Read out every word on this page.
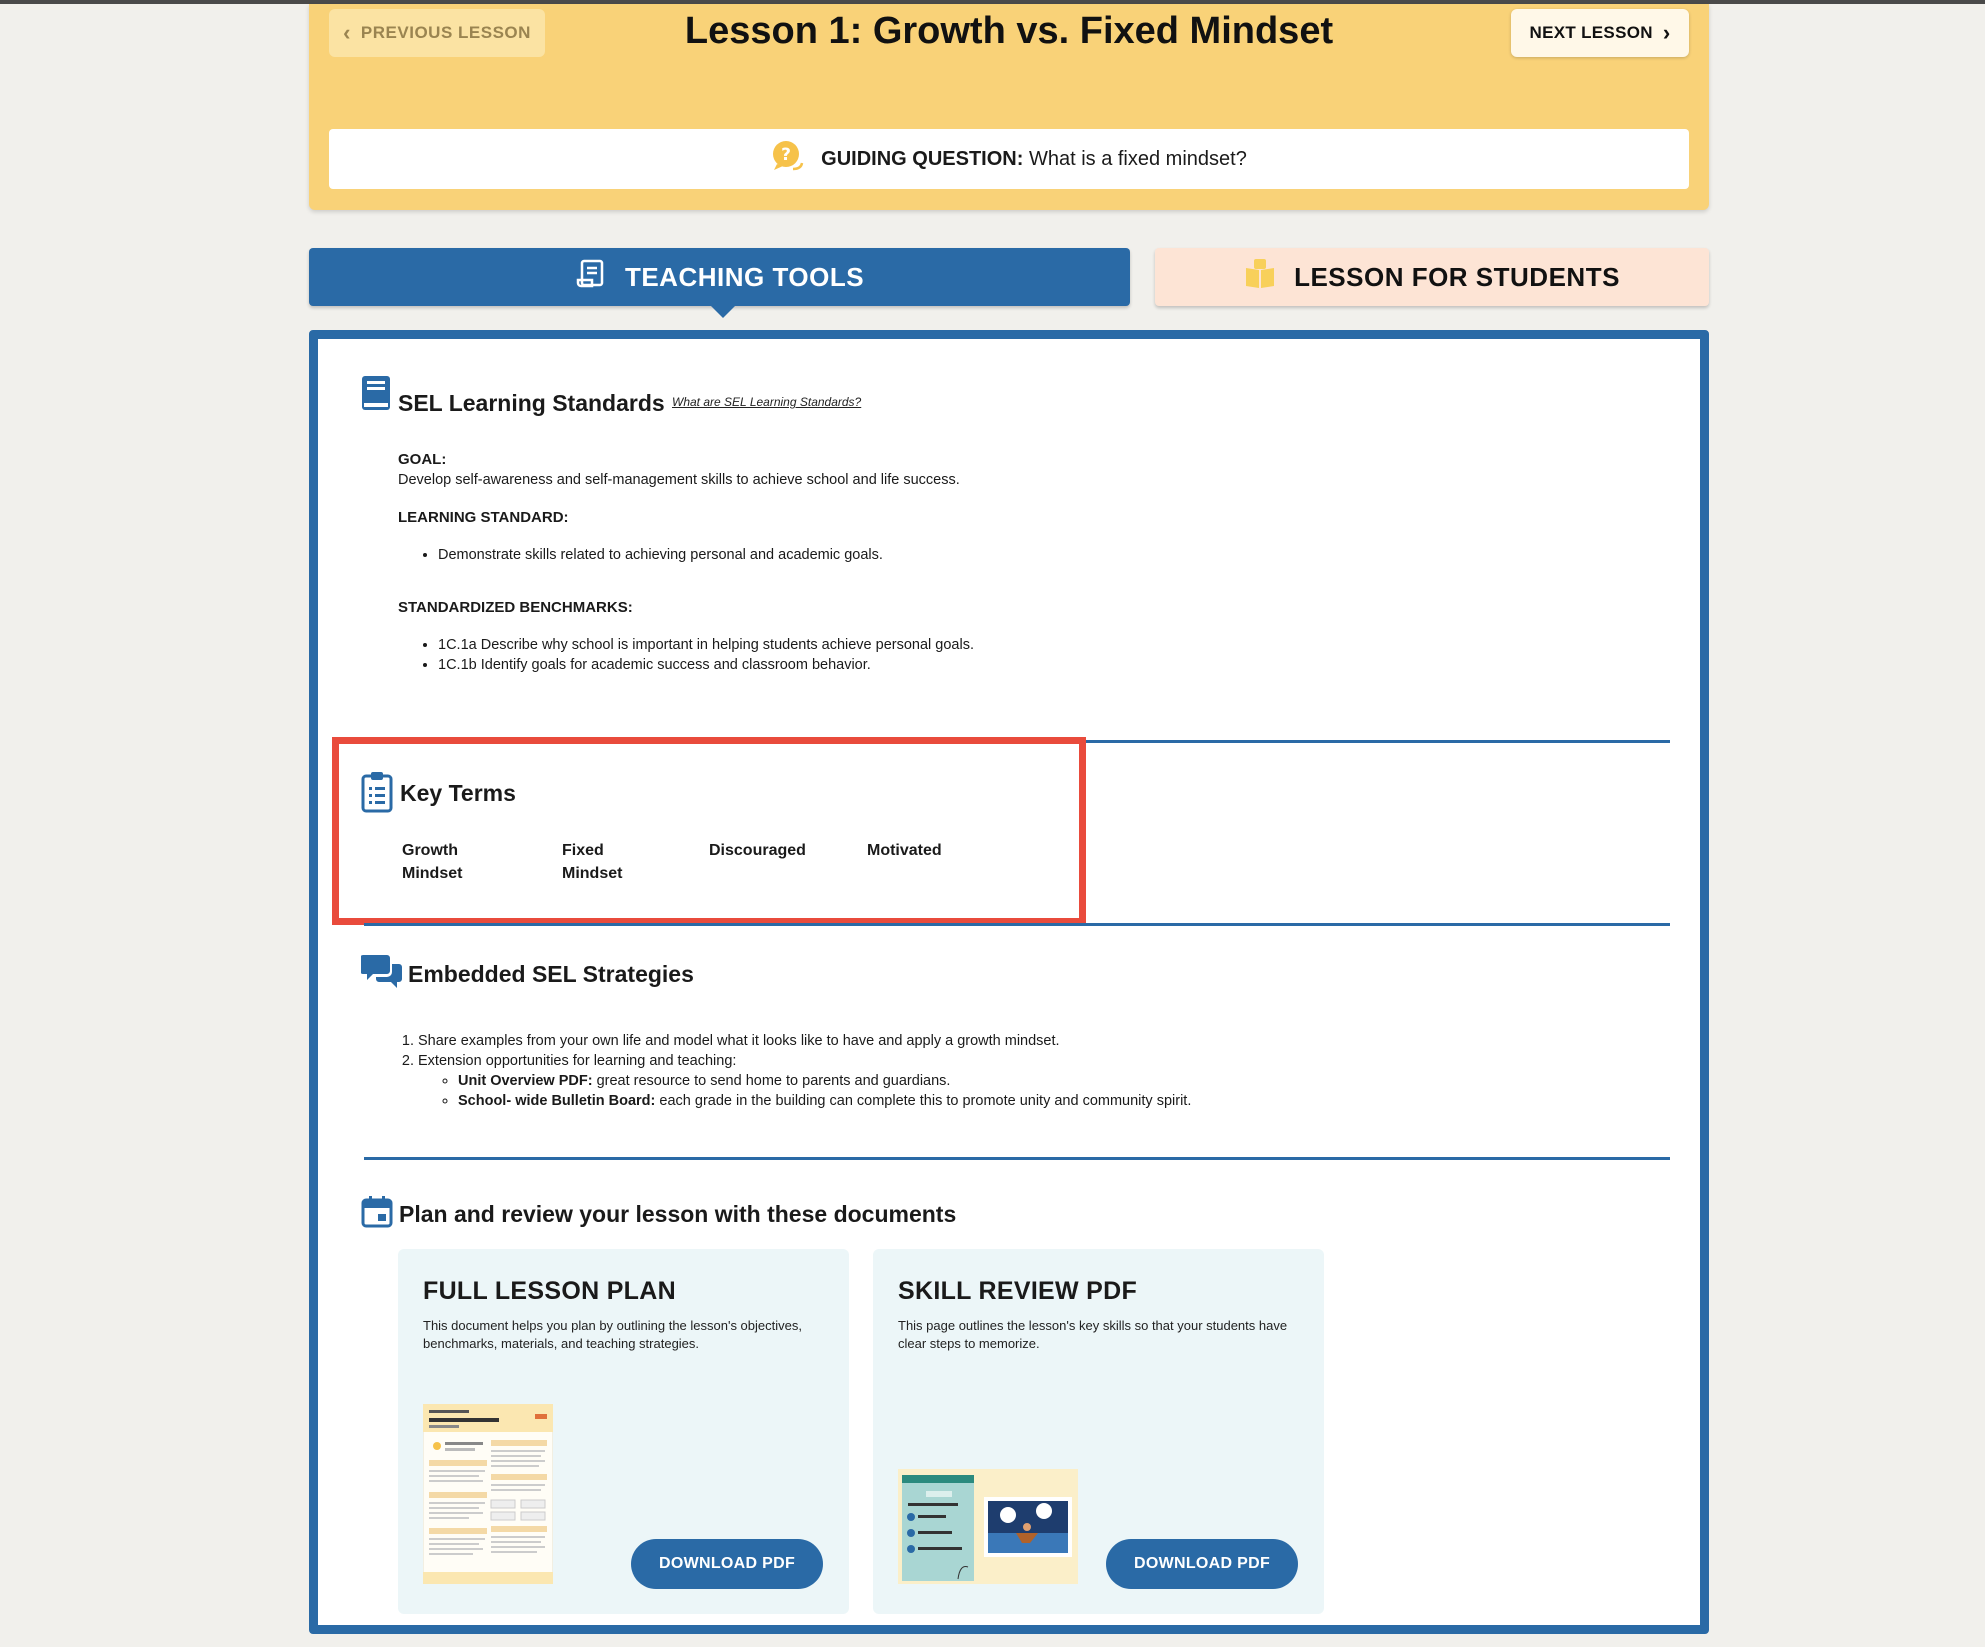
‹ PREVIOUS LESSON	Lesson 1: Growth vs. Fixed Mindset	NEXT LESSON ›
? GUIDING QUESTION: What is a fixed mindset?
TEACHING TOOLS	LESSON FOR STUDENTS
SEL Learning Standards What are SEL Learning Standards?
GOAL:
Develop self-awareness and self-management skills to achieve school and life success.
LEARNING STANDARD:
• Demonstrate skills related to achieving personal and academic goals.
STANDARDIZED BENCHMARKS:
• 1C.1a Describe why school is important in helping students achieve personal goals.
• 1C.1b Identify goals for academic success and classroom behavior.
Key Terms
Growth
Mindset
Fixed
Mindset
Discouraged	Motivated
Embedded SEL Strategies
1. Share examples from your own life and model what it looks like to have and apply a growth mindset.
2. Extension opportunities for learning and teaching:
◦ Unit Overview PDF: great resource to send home to parents and guardians.
◦ School- wide Bulletin Board: each grade in the building can complete this to promote unity and community spirit.
Plan and review your lesson with these documents
FULL LESSON PLAN

This document helps you plan by outlining the lesson's objectives, benchmarks, materials, and teaching strategies.

DOWNLOAD PDF
SKILL REVIEW PDF

This page outlines the lesson's key skills so that your students have clear steps to memorize.

DOWNLOAD PDF
